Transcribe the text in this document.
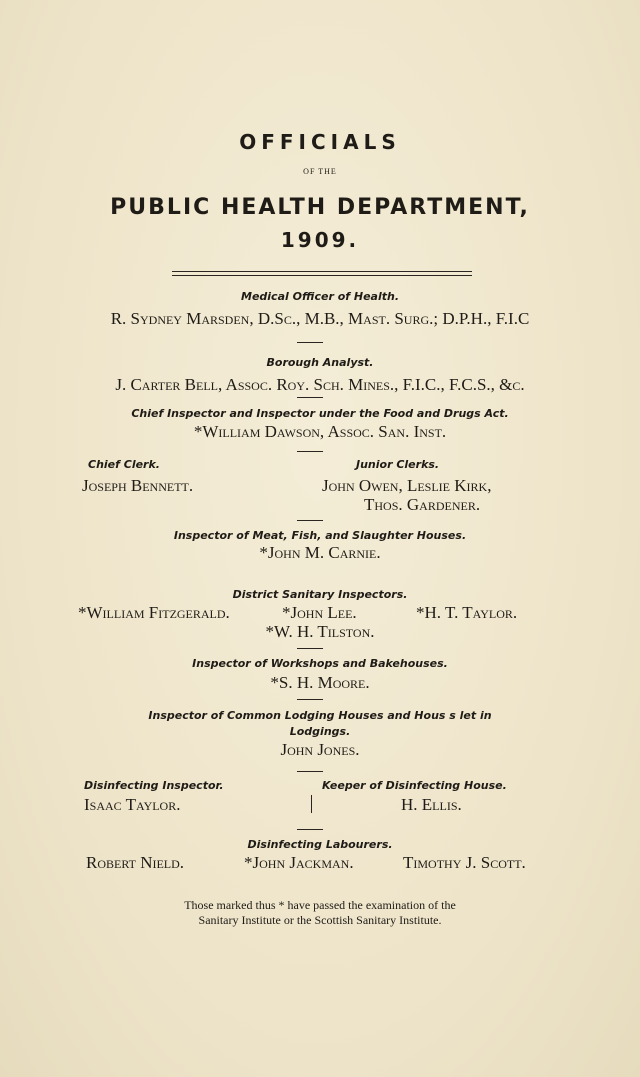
OFFICIALS
OF THE
PUBLIC HEALTH DEPARTMENT,
1909.
Medical Officer of Health.
R. Sydney Marsden, D.Sc., M.B., Mast. Surg.; D.P.H., F.I.C
Borough Analyst.
J. Carter Bell, Assoc. Roy. Sch. Mines., F.I.C., F.C.S., &c.
Chief Inspector and Inspector under the Food and Drugs Act.
*William Dawson, Assoc. San. Inst.
Chief Clerk.
Joseph Bennett.
Junior Clerks.
John Owen, Leslie Kirk,
Thos. Gardener.
Inspector of Meat, Fish, and Slaughter Houses.
*John M. Carnie.
District Sanitary Inspectors.
*William Fitzgerald.	*John Lee.	*H. T. Taylor.
*W. H. Tilston.
Inspector of Workshops and Bakehouses.
*S. H. Moore.
Inspector of Common Lodging Houses and Hous s let in
Lodgings.
John Jones.
Disinfecting Inspector.
Isaac Taylor.
Keeper of Disinfecting House.
H. Ellis.
Disinfecting Labourers.
Robert Nield.	*John Jackman.	Timothy J. Scott.
Those marked thus * have passed the examination of the
Sanitary Institute or the Scottish Sanitary Institute.
